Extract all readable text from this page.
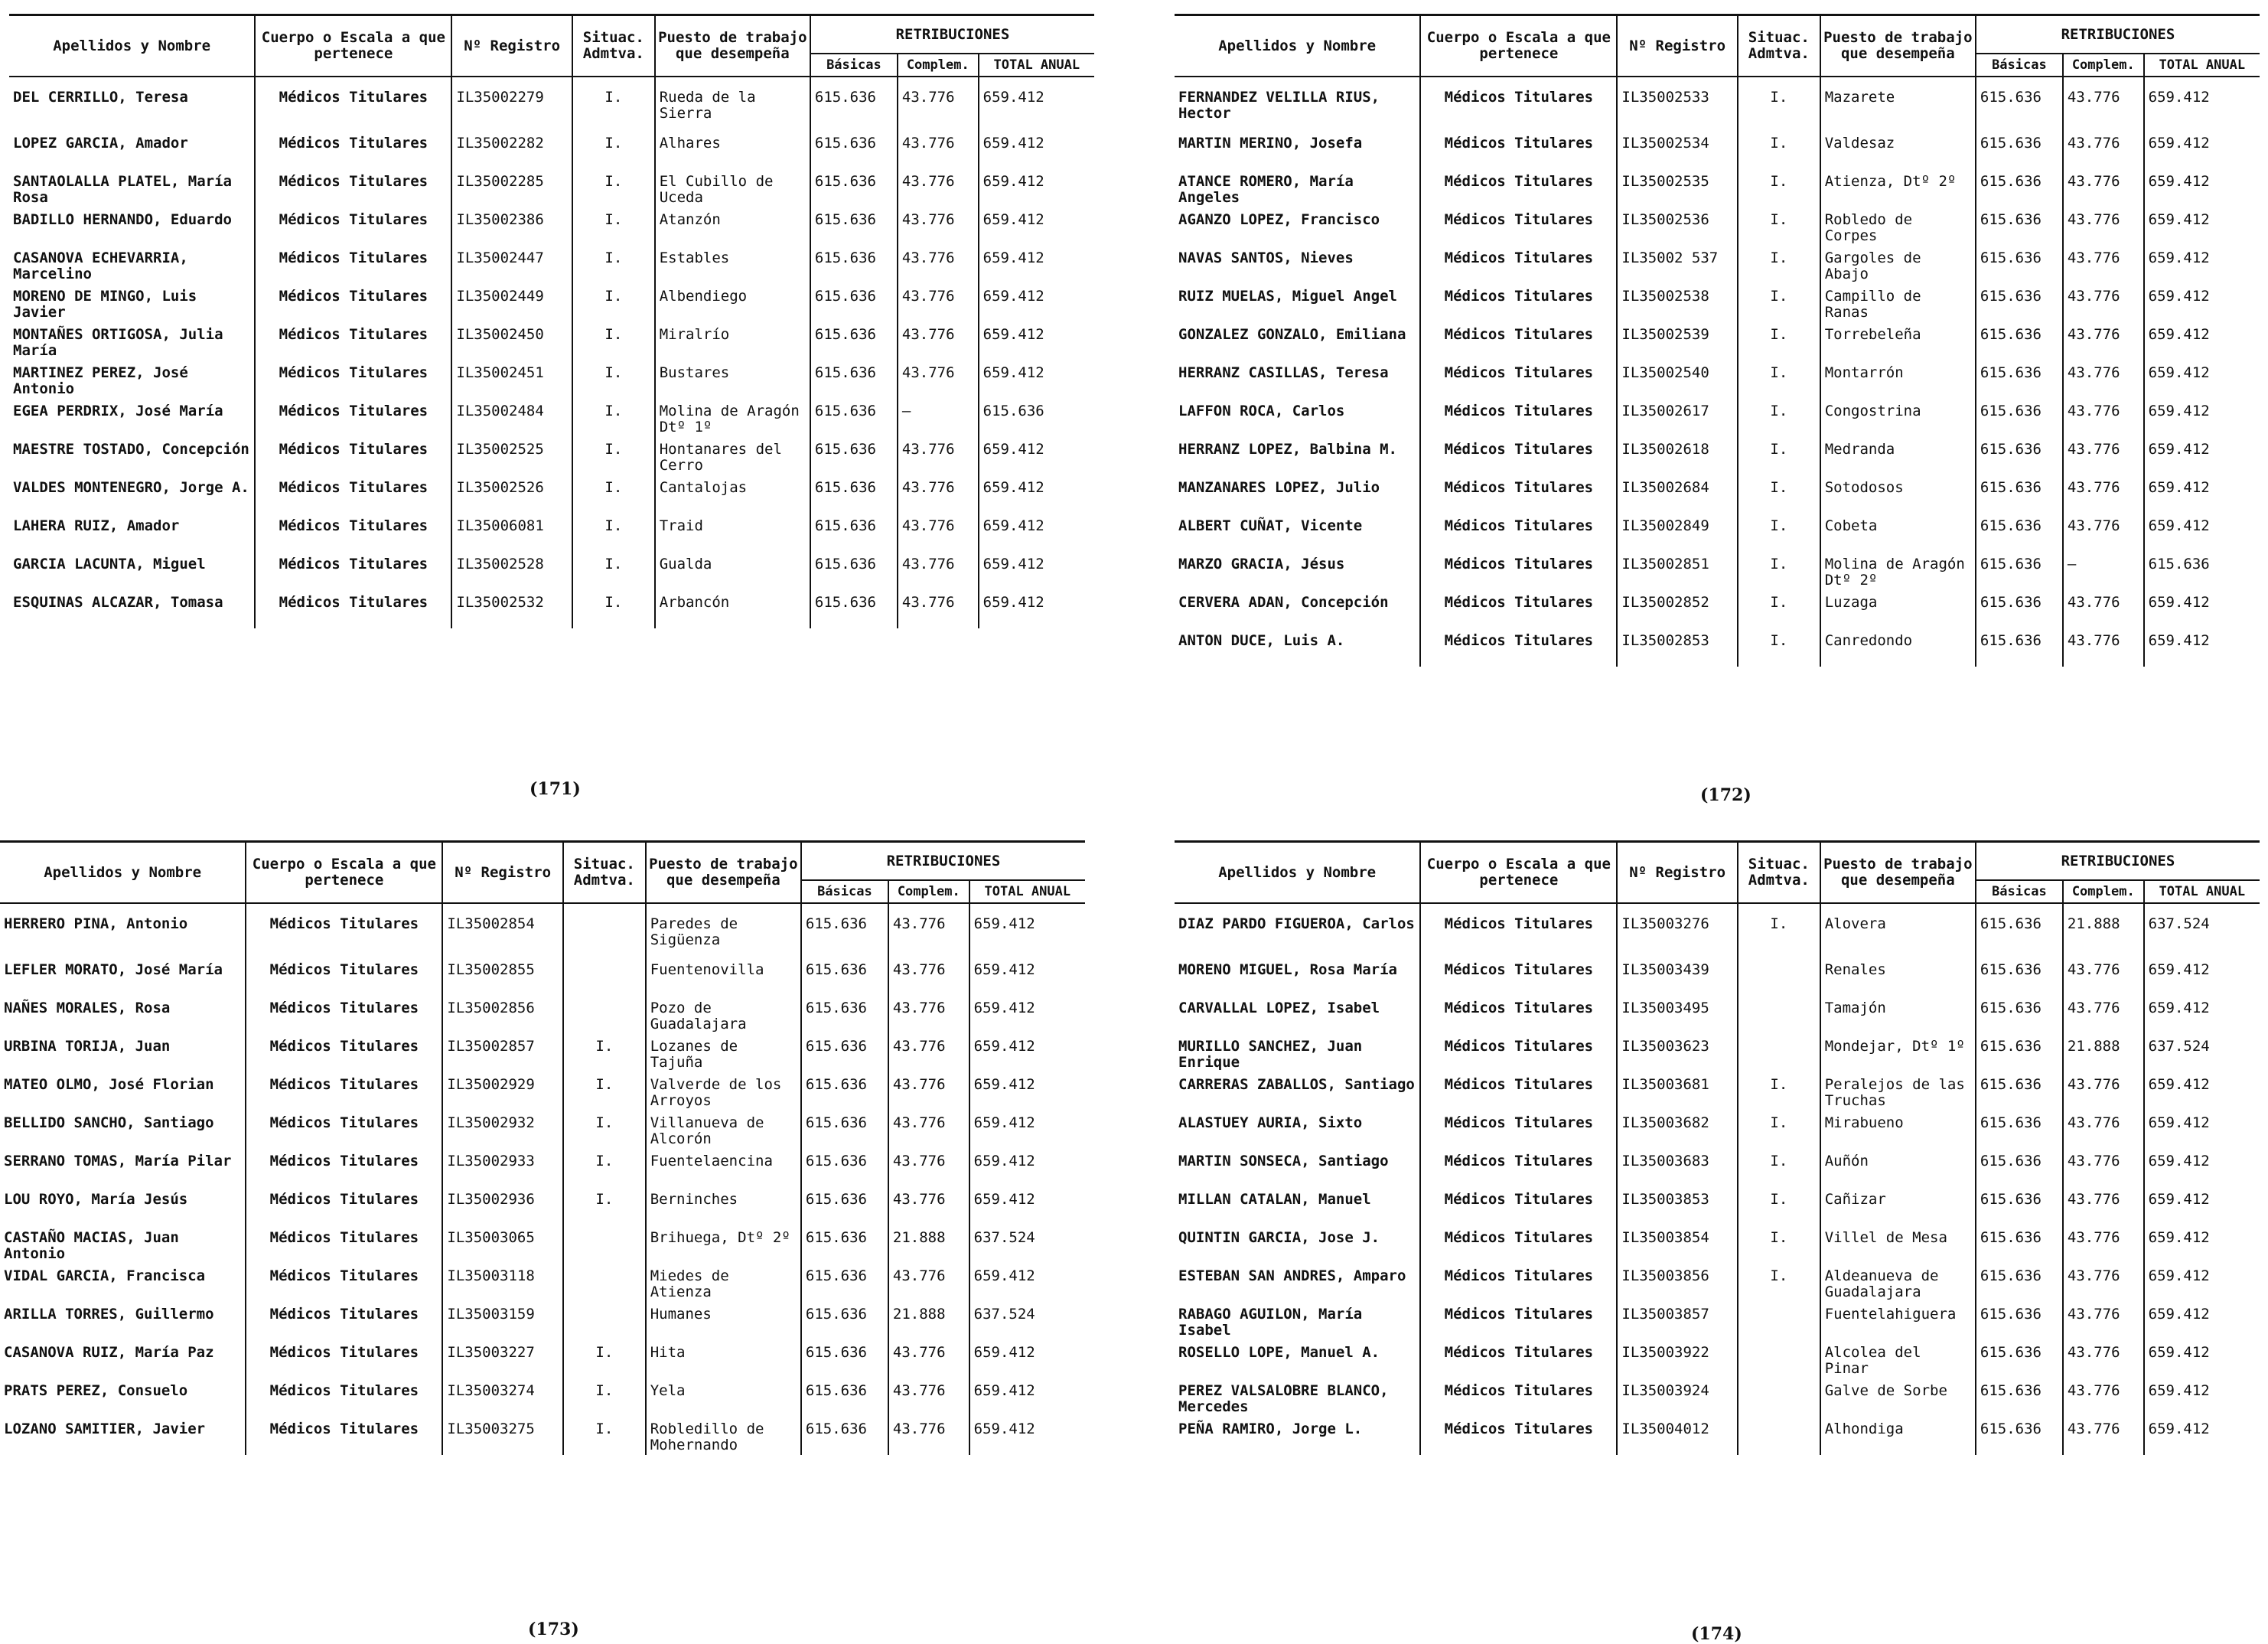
Apellidos y Nombre	Cuerpo o Escala a que pertenece	Nº Registro	Situac. Admtva.	Puesto de trabajo que desempeña	RETRIBUCIONES		
					Básicas	Complem.	TOTAL ANUAL
DEL CERRILLO, Teresa	Médicos Titulares	IL35002279	I.	Rueda de la Sierra	615.636	43.776	659.412
LOPEZ GARCIA, Amador	Médicos Titulares	IL35002282	I.	Alhares	615.636	43.776	659.412
SANTAOLALLA PLATEL, María Rosa	Médicos Titulares	IL35002285	I.	El Cubillo de Uceda	615.636	43.776	659.412
BADILLO HERNANDO, Eduardo	Médicos Titulares	IL35002386	I.	Atanzón	615.636	43.776	659.412
CASANOVA ECHEVARRIA, Marcelino	Médicos Titulares	IL35002447	I.	Estables	615.636	43.776	659.412
MORENO DE MINGO, Luis Javier	Médicos Titulares	IL35002449	I.	Albendiego	615.636	43.776	659.412
MONTAÑES ORTIGOSA, Julia María	Médicos Titulares	IL35002450	I.	Miralrío	615.636	43.776	659.412
MARTINEZ PEREZ, José Antonio	Médicos Titulares	IL35002451	I.	Bustares	615.636	43.776	659.412
EGEA PERDRIX, José María	Médicos Titulares	IL35002484	I.	Molina de Aragón Dtº 1º	615.636	–	615.636
MAESTRE TOSTADO, Concepción	Médicos Titulares	IL35002525	I.	Hontanares del Cerro	615.636	43.776	659.412
VALDES MONTENEGRO, Jorge A.	Médicos Titulares	IL35002526	I.	Cantalojas	615.636	43.776	659.412
LAHERA RUIZ, Amador	Médicos Titulares	IL35006081	I.	Traid	615.636	43.776	659.412
GARCIA LACUNTA, Miguel	Médicos Titulares	IL35002528	I.	Gualda	615.636	43.776	659.412
ESQUINAS ALCAZAR, Tomasa	Médicos Titulares	IL35002532	I.	Arbancón	615.636	43.776	659.412
Apellidos y Nombre	Cuerpo o Escala a que pertenece	Nº Registro	Situac. Admtva.	Puesto de trabajo que desempeña	RETRIBUCIONES		
					Básicas	Complem.	TOTAL ANUAL
FERNANDEZ VELILLA RIUS, Hector	Médicos Titulares	IL35002533	I.	Mazarete	615.636	43.776	659.412
MARTIN MERINO, Josefa	Médicos Titulares	IL35002534	I.	Valdesaz	615.636	43.776	659.412
ATANCE ROMERO, María Angeles	Médicos Titulares	IL35002535	I.	Atienza, Dtº 2º	615.636	43.776	659.412
AGANZO LOPEZ, Francisco	Médicos Titulares	IL35002536	I.	Robledo de Corpes	615.636	43.776	659.412
NAVAS SANTOS, Nieves	Médicos Titulares	IL35002 537	I.	Gargoles de Abajo	615.636	43.776	659.412
RUIZ MUELAS, Miguel Angel	Médicos Titulares	IL35002538	I.	Campillo de Ranas	615.636	43.776	659.412
GONZALEZ GONZALO, Emiliana	Médicos Titulares	IL35002539	I.	Torrebeleña	615.636	43.776	659.412
HERRANZ CASILLAS, Teresa	Médicos Titulares	IL35002540	I.	Montarrón	615.636	43.776	659.412
LAFFON ROCA, Carlos	Médicos Titulares	IL35002617	I.	Congostrina	615.636	43.776	659.412
HERRANZ LOPEZ, Balbina M.	Médicos Titulares	IL35002618	I.	Medranda	615.636	43.776	659.412
MANZANARES LOPEZ, Julio	Médicos Titulares	IL35002684	I.	Sotodosos	615.636	43.776	659.412
ALBERT CUÑAT, Vicente	Médicos Titulares	IL35002849	I.	Cobeta	615.636	43.776	659.412
MARZO GRACIA, Jésus	Médicos Titulares	IL35002851	I.	Molina de Aragón Dtº 2º	615.636	–	615.636
CERVERA ADAN, Concepción	Médicos Titulares	IL35002852	I.	Luzaga	615.636	43.776	659.412
ANTON DUCE, Luis A.	Médicos Titulares	IL35002853	I.	Canredondo	615.636	43.776	659.412
Apellidos y Nombre	Cuerpo o Escala a que pertenece	Nº Registro	Situac. Admtva.	Puesto de trabajo que desempeña	RETRIBUCIONES		
					Básicas	Complem.	TOTAL ANUAL
HERRERO PINA, Antonio	Médicos Titulares	IL35002854		Paredes de Sigüenza	615.636	43.776	659.412
LEFLER MORATO, José María	Médicos Titulares	IL35002855		Fuentenovilla	615.636	43.776	659.412
NAÑES MORALES, Rosa	Médicos Titulares	IL35002856		Pozo de Guadalajara	615.636	43.776	659.412
URBINA TORIJA, Juan	Médicos Titulares	IL35002857	I.	Lozanes de Tajuña	615.636	43.776	659.412
MATEO OLMO, José Florian	Médicos Titulares	IL35002929	I.	Valverde de los Arroyos	615.636	43.776	659.412
BELLIDO SANCHO, Santiago	Médicos Titulares	IL35002932	I.	Villanueva de Alcorón	615.636	43.776	659.412
SERRANO TOMAS, María Pilar	Médicos Titulares	IL35002933	I.	Fuentelaencina	615.636	43.776	659.412
LOU ROYO, María Jesús	Médicos Titulares	IL35002936	I.	Berninches	615.636	43.776	659.412
CASTAÑO MACIAS, Juan Antonio	Médicos Titulares	IL35003065		Brihuega, Dtº 2º	615.636	21.888	637.524
VIDAL GARCIA, Francisca	Médicos Titulares	IL35003118		Miedes de Atienza	615.636	43.776	659.412
ARILLA TORRES, Guillermo	Médicos Titulares	IL35003159		Humanes	615.636	21.888	637.524
CASANOVA RUIZ, María Paz	Médicos Titulares	IL35003227	I.	Hita	615.636	43.776	659.412
PRATS PEREZ, Consuelo	Médicos Titulares	IL35003274	I.	Yela	615.636	43.776	659.412
LOZANO SAMITIER, Javier	Médicos Titulares	IL35003275	I.	Robledillo de Mohernando	615.636	43.776	659.412
Apellidos y Nombre	Cuerpo o Escala a que pertenece	Nº Registro	Situac. Admtva.	Puesto de trabajo que desempeña	RETRIBUCIONES		
					Básicas	Complem.	TOTAL ANUAL
DIAZ PARDO FIGUEROA, Carlos	Médicos Titulares	IL35003276	I.	Alovera	615.636	21.888	637.524
MORENO MIGUEL, Rosa María	Médicos Titulares	IL35003439		Renales	615.636	43.776	659.412
CARVALLAL LOPEZ, Isabel	Médicos Titulares	IL35003495		Tamajón	615.636	43.776	659.412
MURILLO SANCHEZ, Juan Enrique	Médicos Titulares	IL35003623		Mondejar, Dtº 1º	615.636	21.888	637.524
CARRERAS ZABALLOS, Santiago	Médicos Titulares	IL35003681	I.	Peralejos de las Truchas	615.636	43.776	659.412
ALASTUEY AURIA, Sixto	Médicos Titulares	IL35003682	I.	Mirabueno	615.636	43.776	659.412
MARTIN SONSECA, Santiago	Médicos Titulares	IL35003683	I.	Auñón	615.636	43.776	659.412
MILLAN CATALAN, Manuel	Médicos Titulares	IL35003853	I.	Cañizar	615.636	43.776	659.412
QUINTIN GARCIA, Jose J.	Médicos Titulares	IL35003854	I.	Villel de Mesa	615.636	43.776	659.412
ESTEBAN SAN ANDRES, Amparo	Médicos Titulares	IL35003856	I.	Aldeanueva de Guadalajara	615.636	43.776	659.412
RABAGO AGUILON, María Isabel	Médicos Titulares	IL35003857		Fuentelahiguera	615.636	43.776	659.412
ROSELLO LOPE, Manuel A.	Médicos Titulares	IL35003922		Alcolea del Pinar	615.636	43.776	659.412
PEREZ VALSALOBRE BLANCO, Mercedes	Médicos Titulares	IL35003924		Galve de Sorbe	615.636	43.776	659.412
PEÑA RAMIRO, Jorge L.	Médicos Titulares	IL35004012		Alhondiga	615.636	43.776	659.412
(171)	(172)
(173)	(174)
